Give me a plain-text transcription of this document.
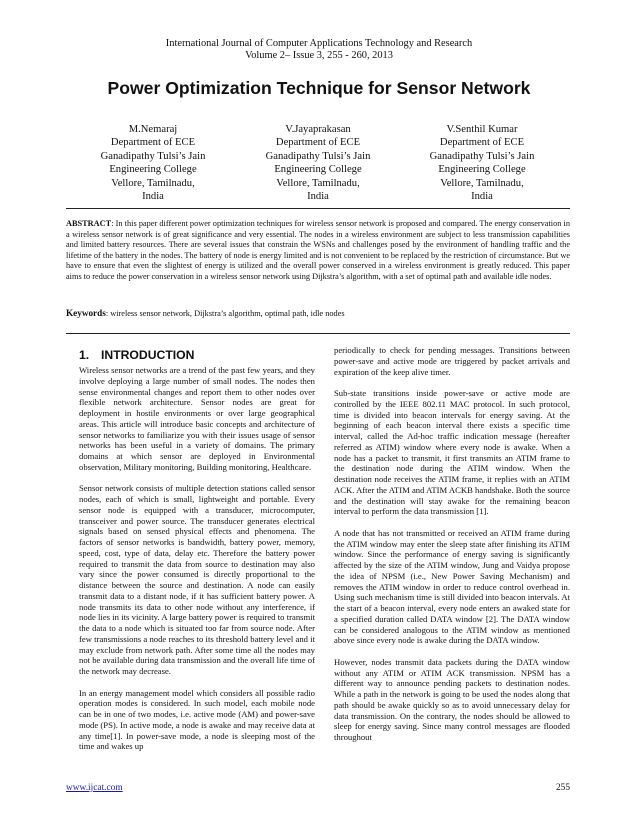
International Journal of Computer Applications Technology and Research
Volume 2– Issue 3, 255 - 260, 2013
Power Optimization Technique for Sensor Network
M.Nemaraj
Department of ECE
Ganadipathy Tulsi’s Jain
Engineering College
Vellore, Tamilnadu,
India
V.Jayaprakasan
Department of ECE
Ganadipathy Tulsi’s Jain
Engineering College
Vellore, Tamilnadu,
India
V.Senthil Kumar
Department of ECE
Ganadipathy Tulsi’s Jain
Engineering College
Vellore, Tamilnadu,
India
ABSTRACT: In this paper different power optimization techniques for wireless sensor network is proposed and compared. The energy conservation in a wireless sensor network is of great significance and very essential. The nodes in a wireless environment are subject to less transmission capabilities and limited battery resources. There are several issues that constrain the WSNs and challenges posed by the environment of handling traffic and the lifetime of the battery in the nodes. The battery of node is energy limited and is not convenient to be replaced by the restriction of circumstance. But we have to ensure that even the slightest of energy is utilized and the overall power conserved in a wireless environment is greatly reduced. This paper aims to reduce the power conservation in a wireless sensor network using Dijkstra’s algorithm, with a set of optimal path and available idle nodes.
Keywords: wireless sensor network, Dijkstra’s algorithm, optimal path, idle nodes
1. INTRODUCTION

Wireless sensor networks are a trend of the past few years, and they involve deploying a large number of small nodes. The nodes then sense environmental changes and report them to other nodes over flexible network architecture. Sensor nodes are great for deployment in hostile environments or over large geographical areas. This article will introduce basic concepts and architecture of sensor networks to familiarize you with their issues usage of sensor networks has been useful in a variety of domains. The primary domains at which sensor are deployed in Environmental observation, Military monitoring, Building monitoring, Healthcare.

Sensor network consists of multiple detection stations called sensor nodes, each of which is small, lightweight and portable. Every sensor node is equipped with a transducer, microcomputer, transceiver and power source. The transducer generates electrical signals based on sensed physical effects and phenomena. The factors of sensor networks is bandwidth, battery power, memory, speed, cost, type of data, delay etc. Therefore the battery power required to transmit the data from source to destination may also vary since the power consumed is directly proportional to the distance between the source and destination. A node can easily transmit data to a distant node, if it has sufficient battery power. A node transmits its data to other node without any interference, if node lies in its vicinity. A large battery power is required to transmit the data to a node which is situated too far from source node. After few transmissions a node reaches to its threshold battery level and it may exclude from network path. After some time all the nodes may not be available during data transmission and the overall life time of the network may decrease.

In an energy management model which considers all possible radio operation modes is considered. In such model, each mobile node can be in one of two modes, i.e. active mode (AM) and power-save mode (PS). In active mode, a node is awake and may receive data at any time[1]. In power-save mode, a node is sleeping most of the time and wakes up

periodically to check for pending messages. Transitions between power-save and active mode are triggered by packet arrivals and expiration of the keep alive timer.

Sub-state transitions inside power-save or active mode are controlled by the IEEE 802.11 MAC protocol. In such protocol, time is divided into beacon intervals for energy saving. At the beginning of each beacon interval there exists a specific time interval, called the Ad-hoc traffic indication message (hereafter referred as ATIM) window where every node is awake. When a node has a packet to transmit, it first transmits an ATIM frame to the destination node during the ATIM window. When the destination node receives the ATIM frame, it replies with an ATIM ACK. After the ATIM and ATIM ACKB handshake. Both the source and the destination will stay awake for the remaining beacon interval to perform the data transmission [1].

A node that has not transmitted or received an ATIM frame during the ATIM window may enter the sleep state after finishing its ATIM window. Since the performance of energy saving is significantly affected by the size of the ATIM window, Jung and Vaidya propose the idea of NPSM (i.e., New Power Saving Mechanism) and removes the ATIM window in order to reduce control overhead in. Using such mechanism time is still divided into beacon intervals. At the start of a beacon interval, every node enters an awaked state for a specified duration called DATA window [2]. The DATA window can be considered analogous to the ATIM window as mentioned above since every node is awake during the DATA window.

However, nodes transmit data packets during the DATA window without any ATIM or ATIM ACK transmission. NPSM has a different way to announce pending packets to destination nodes. While a path in the network is going to be used the nodes along that path should be awake quickly so as to avoid unnecessary delay for data transmission. On the contrary, the nodes should be allowed to sleep for energy saving. Since many control messages are flooded throughout

www.ijcat.com	255
